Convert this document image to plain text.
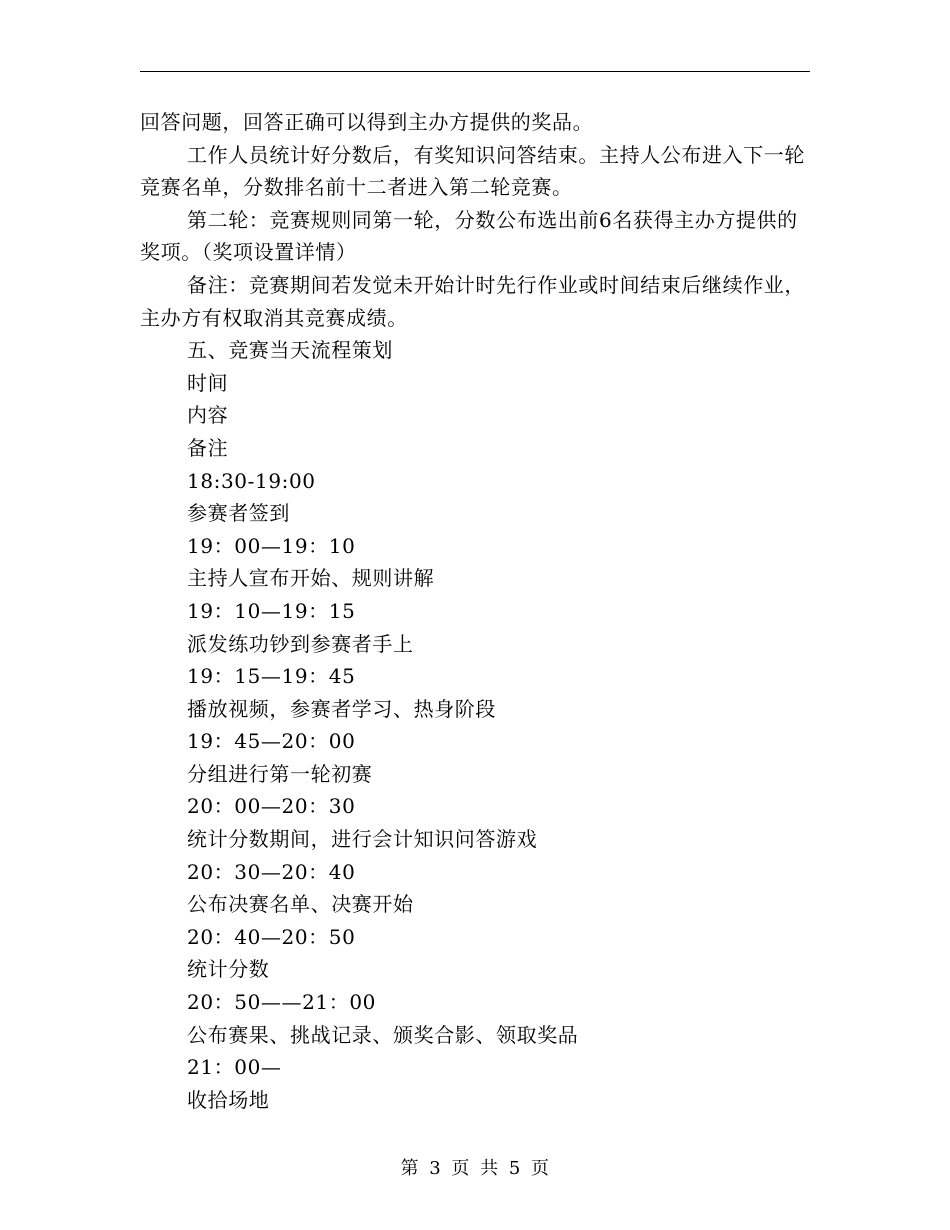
回答问题，回答正确可以得到主办方提供的奖品。

工作人员统计好分数后，有奖知识问答结束。主持人公布进入下一轮竞赛名单，分数排名前十二者进入第二轮竞赛。

第二轮：竞赛规则同第一轮，分数公布选出前6名获得主办方提供的奖项。（奖项设置详情）

备注：竞赛期间若发觉未开始计时先行作业或时间结束后继续作业，主办方有权取消其竞赛成绩。

五、竞赛当天流程策划
时间
内容
备注
18:30-19:00
参赛者签到
19：00—19：10
主持人宣布开始、规则讲解
19：10—19：15
派发练功钞到参赛者手上
19：15—19：45
播放视频，参赛者学习、热身阶段
19：45—20：00
分组进行第一轮初赛
20：00—20：30
统计分数期间，进行会计知识问答游戏
20：30—20：40
公布决赛名单、决赛开始
20：40—20：50
统计分数
20：50——21：00
公布赛果、挑战记录、颁奖合影、领取奖品
21：00—
收拾场地
第 3 页 共 5 页
